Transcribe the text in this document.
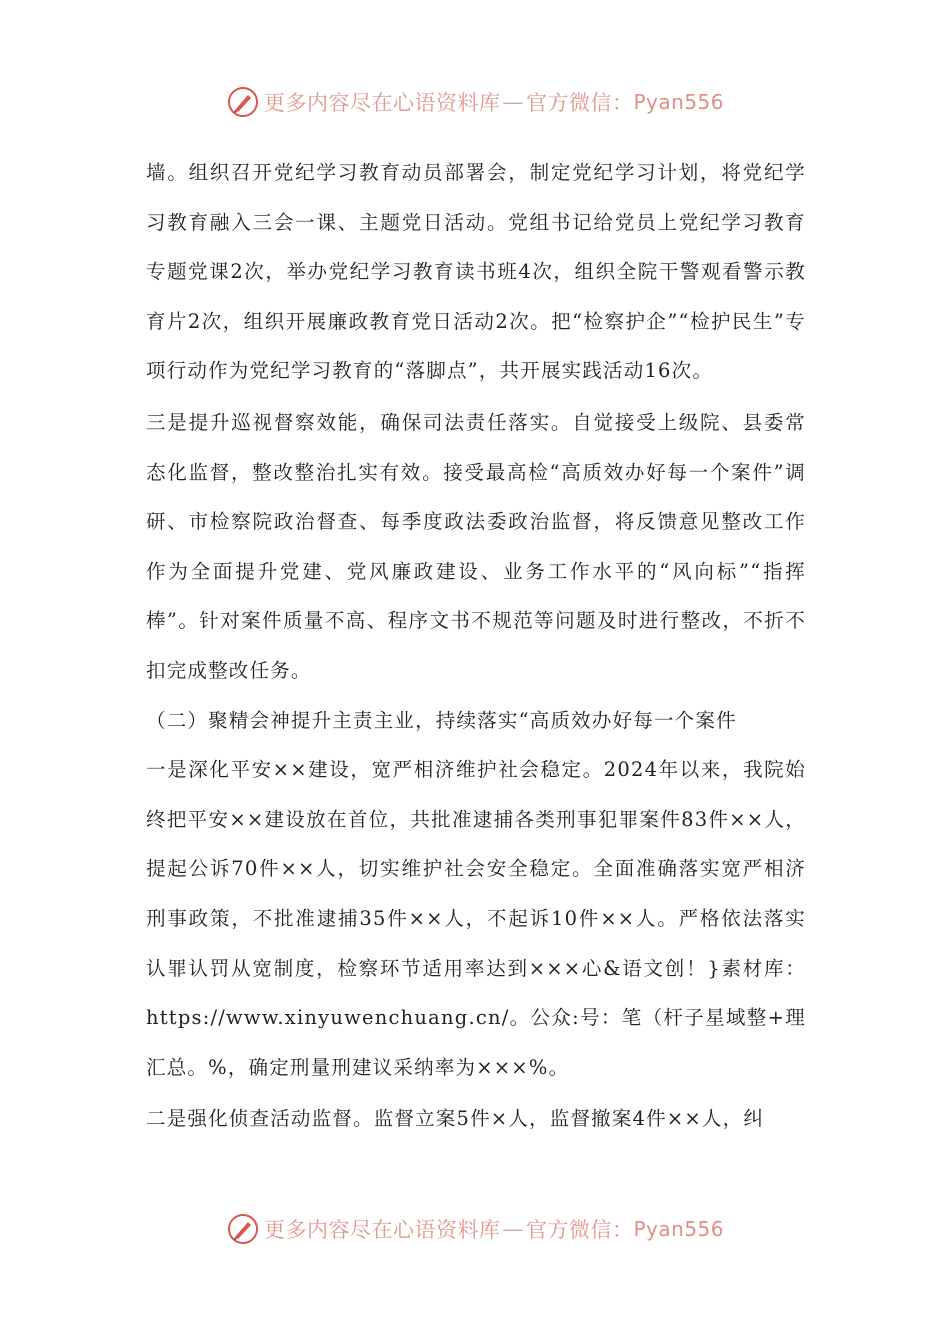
更多内容尽在心语资料库 — 官方微信： Pyan556

墙。组织召开党纪学习教育动员部署会，制定党纪学习计划，将党纪学习教育融入三会一课、主题党日活动。党组书记给党员上党纪学习教育专题党课2次，举办党纪学习教育读书班4次，组织全院干警观看警示教育片2次，组织开展廉政教育党日活动2次。把“检察护企”“检护民生”专项行动作为党纪学习教育的“落脚点”，共开展实践活动16次。

三是提升巡视督察效能，确保司法责任落实。自觉接受上级院、县委常态化监督，整改整治扎实有效。接受最高检“高质效办好每一个案件”调研、市检察院政治督查、每季度政法委政治监督，将反馈意见整改工作作为全面提升党建、党风廉政建设、业务工作水平的“风向标”“指挥棒”。针对案件质量不高、程序文书不规范等问题及时进行整改，不折不扣完成整改任务。

（二）聚精会神提升主责主业，持续落实“高质效办好每一个案件

一是深化平安××建设，宽严相济维护社会稳定。2024年以来，我院始终把平安××建设放在首位，共批准逮捕各类刑事犯罪案件83件××人，提起公诉70件××人，切实维护社会安全稳定。全面准确落实宽严相济刑事政策，不批准逮捕35件××人，不起诉10件××人。严格依法落实认罪认罚从宽制度，检察环节适用率达到×××心&语文创！}素材库：https://www.xinyuwenchuang.cn/。公众:号：笔（杆子星域整+理汇总。%，确定刑量刑建议采纳率为×××%。

二是强化侦查活动监督。监督立案5件×人，监督撤案4件××人，纠

更多内容尽在心语资料库 — 官方微信： Pyan556
